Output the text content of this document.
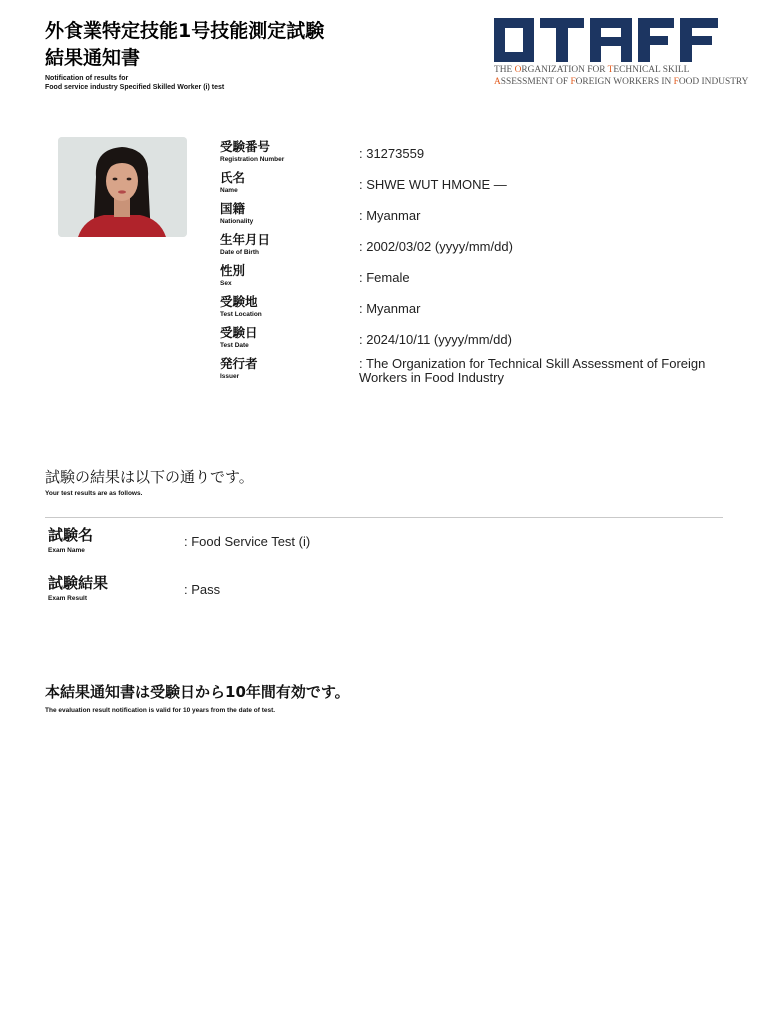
外食業特定技能1号技能測定試験
結果通知書
Notification of results for
Food service industry Specified Skilled Worker (i) test
THE ORGANIZATION FOR TECHNICAL SKILL
ASSESSMENT OF FOREIGN WORKERS IN FOOD INDUSTRY
受験番号
Registration Number	: 31273559
氏名
Name	: SHWE WUT HMONE —
国籍
Nationality	: Myanmar
生年月日
Date of Birth	: 2002/03/02 (yyyy/mm/dd)
性別
Sex	: Female
受験地
Test Location	: Myanmar
受験日
Test Date	: 2024/10/11 (yyyy/mm/dd)
発行者
Issuer
: The Organization for Technical Skill Assessment of Foreign Workers in Food Industry
試験の結果は以下の通りです。
Your test results are as follows.
試験名
Exam Name
: Food Service Test (i)
試験結果
Exam Result
: Pass
本結果通知書は受験日から10年間有効です。
The evaluation result notification is valid for 10 years from the date of test.
